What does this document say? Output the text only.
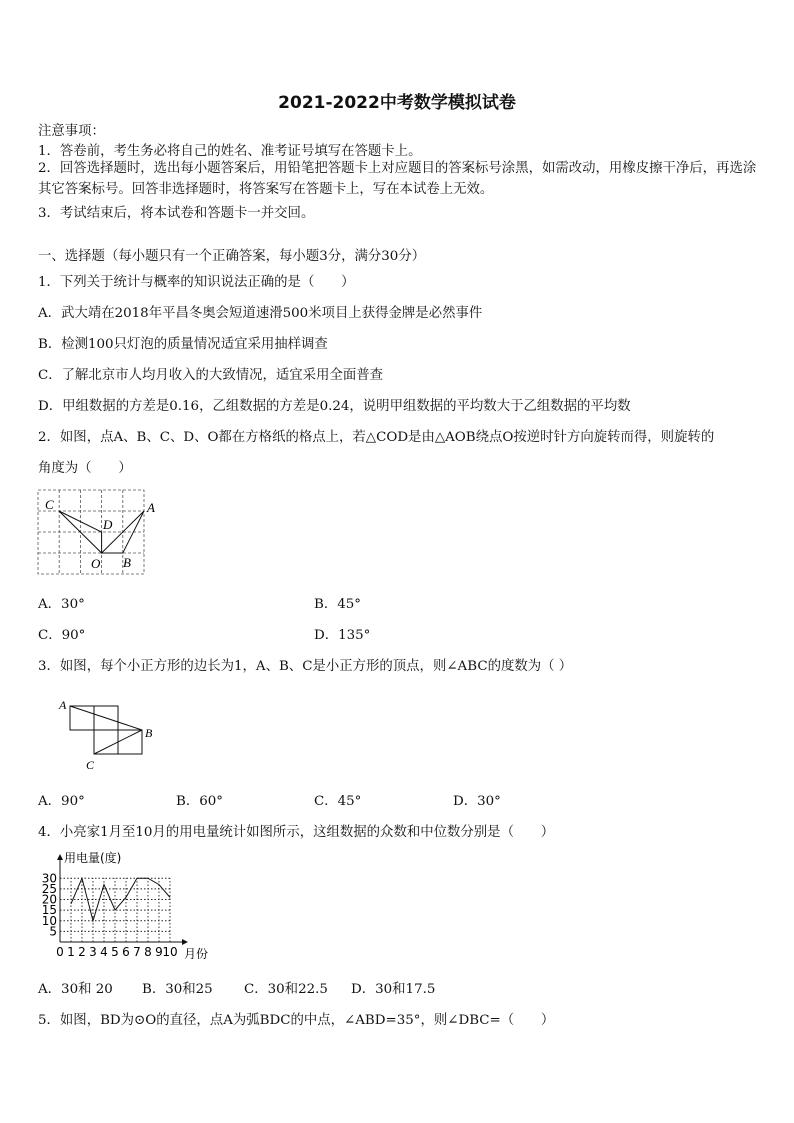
2021-2022中考数学模拟试卷
注意事项：
1．答卷前，考生务必将自己的姓名、准考证号填写在答题卡上。
2．回答选择题时，选出每小题答案后，用铅笔把答题卡上对应题目的答案标号涂黑，如需改动，用橡皮擦干净后，再选涂其它答案标号。回答非选择题时，将答案写在答题卡上，写在本试卷上无效。
3．考试结束后，将本试卷和答题卡一并交回。
一、选择题（每小题只有一个正确答案，每小题3分，满分30分）
1．下列关于统计与概率的知识说法正确的是（　　）
A．武大靖在2018年平昌冬奥会短道速滑500米项目上获得金牌是必然事件
B．检测100只灯泡的质量情况适宜采用抽样调查
C．了解北京市人均月收入的大致情况，适宜采用全面普查
D．甲组数据的方差是0.16，乙组数据的方差是0.24，说明甲组数据的平均数大于乙组数据的平均数
2．如图，点A、B、C、D、O都在方格纸的格点上，若△COD是由△AOB绕点O按逆时针方向旋转而得，则旋转的
角度为（　　）
C
D
A
O B
A．30°	B．45°
C．90°	D．135°
3．如图，每个小正方形的边长为1，A、B、C是小正方形的顶点，则∠ABC的度数为（ ）
A
B
C
A．90°	B．60°	C．45°	D．30°
4．小亮家1月至10月的用电量统计如图所示，这组数据的众数和中位数分别是（　　）
5
10
15
20
25
30
0 1 2 3 4 5 6 7 8 9 10
用电量(度)
月份
A．30和 20 B．30和25 C．30和22.5 D．30和17.5
5．如图，BD为⊙O的直径，点A为弧BDC的中点，∠ABD=35°，则∠DBC=（　　）
